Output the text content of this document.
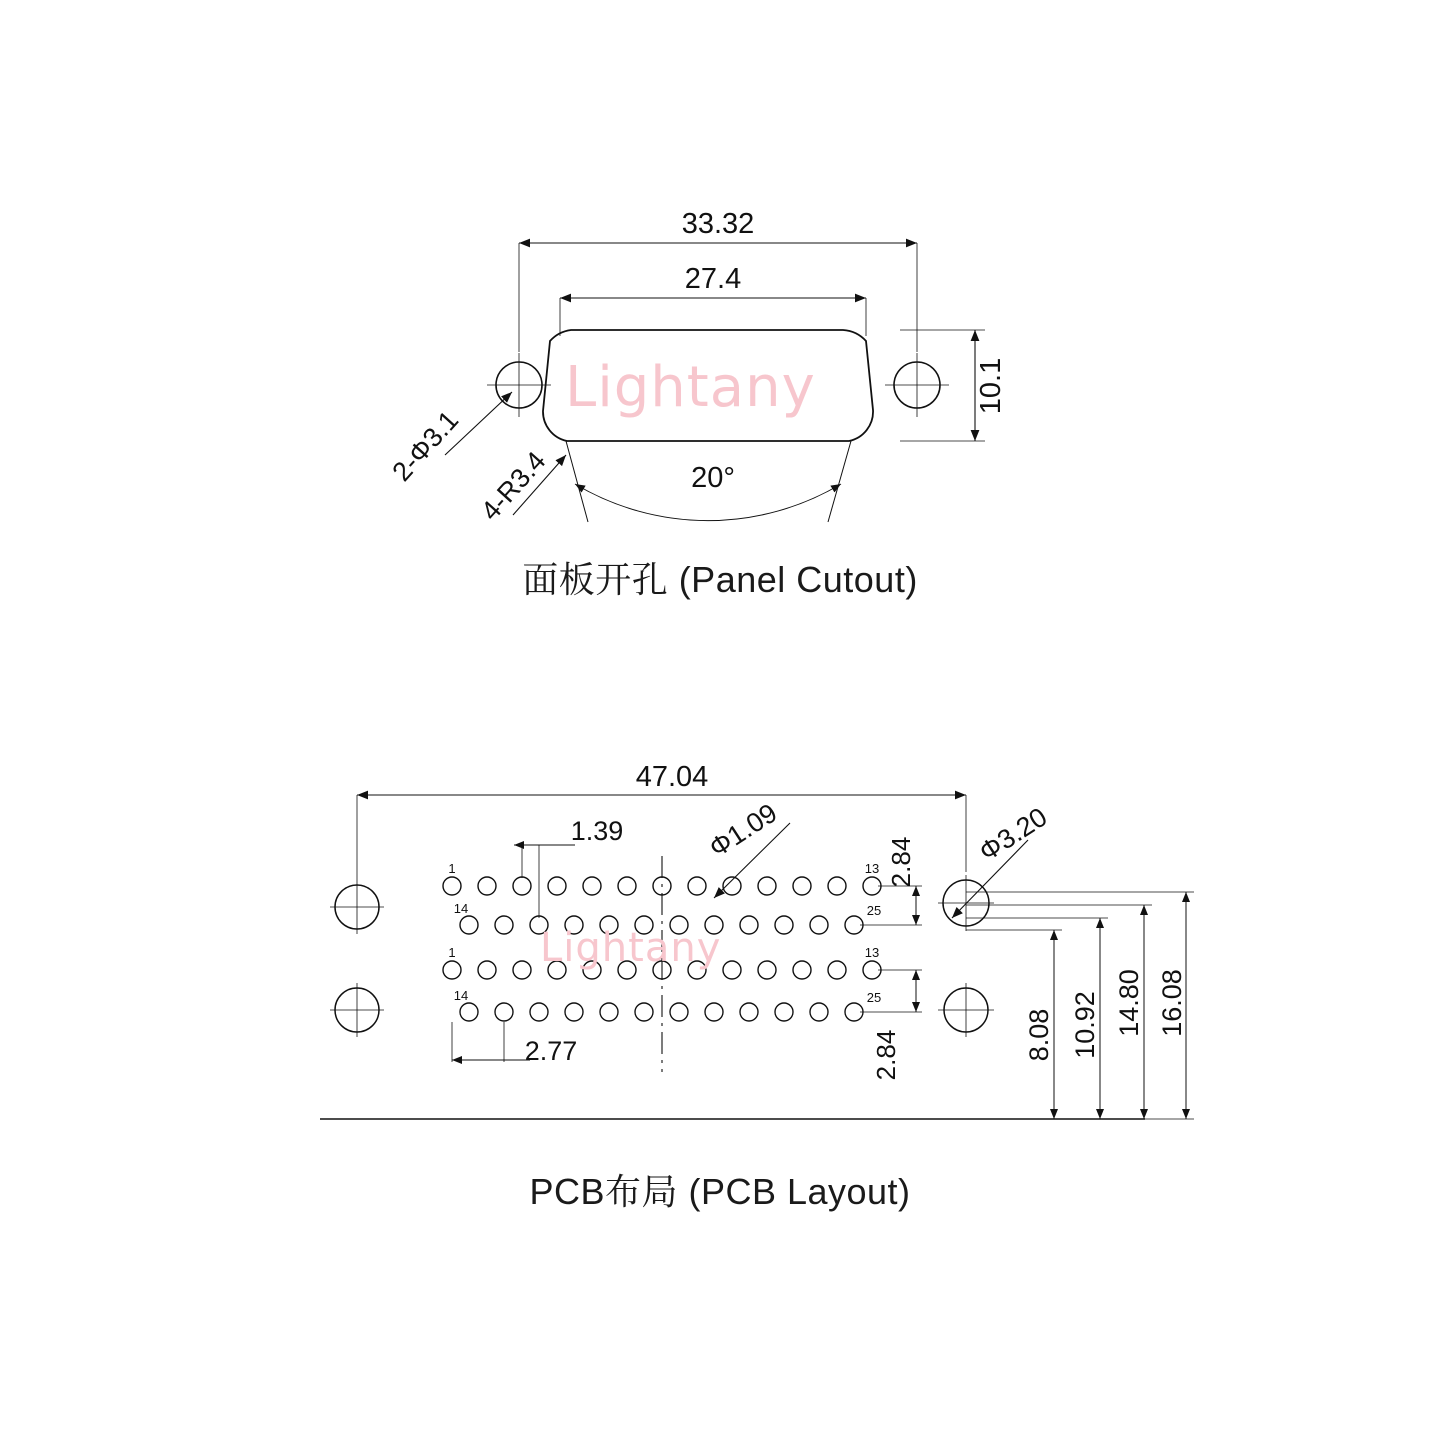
33.32
27.4
10.1
2-Φ3.1 4-R3.4	20°
47.04
1.39
2.77
Φ1.09	Φ3.20
2.84
2.84	8.08 10.92 14.80 16.08
1
14
13
25
1
14
13
25
Lightany
Lightany
面板开孔 (Panel Cutout)
PCB布局 (PCB Layout)
